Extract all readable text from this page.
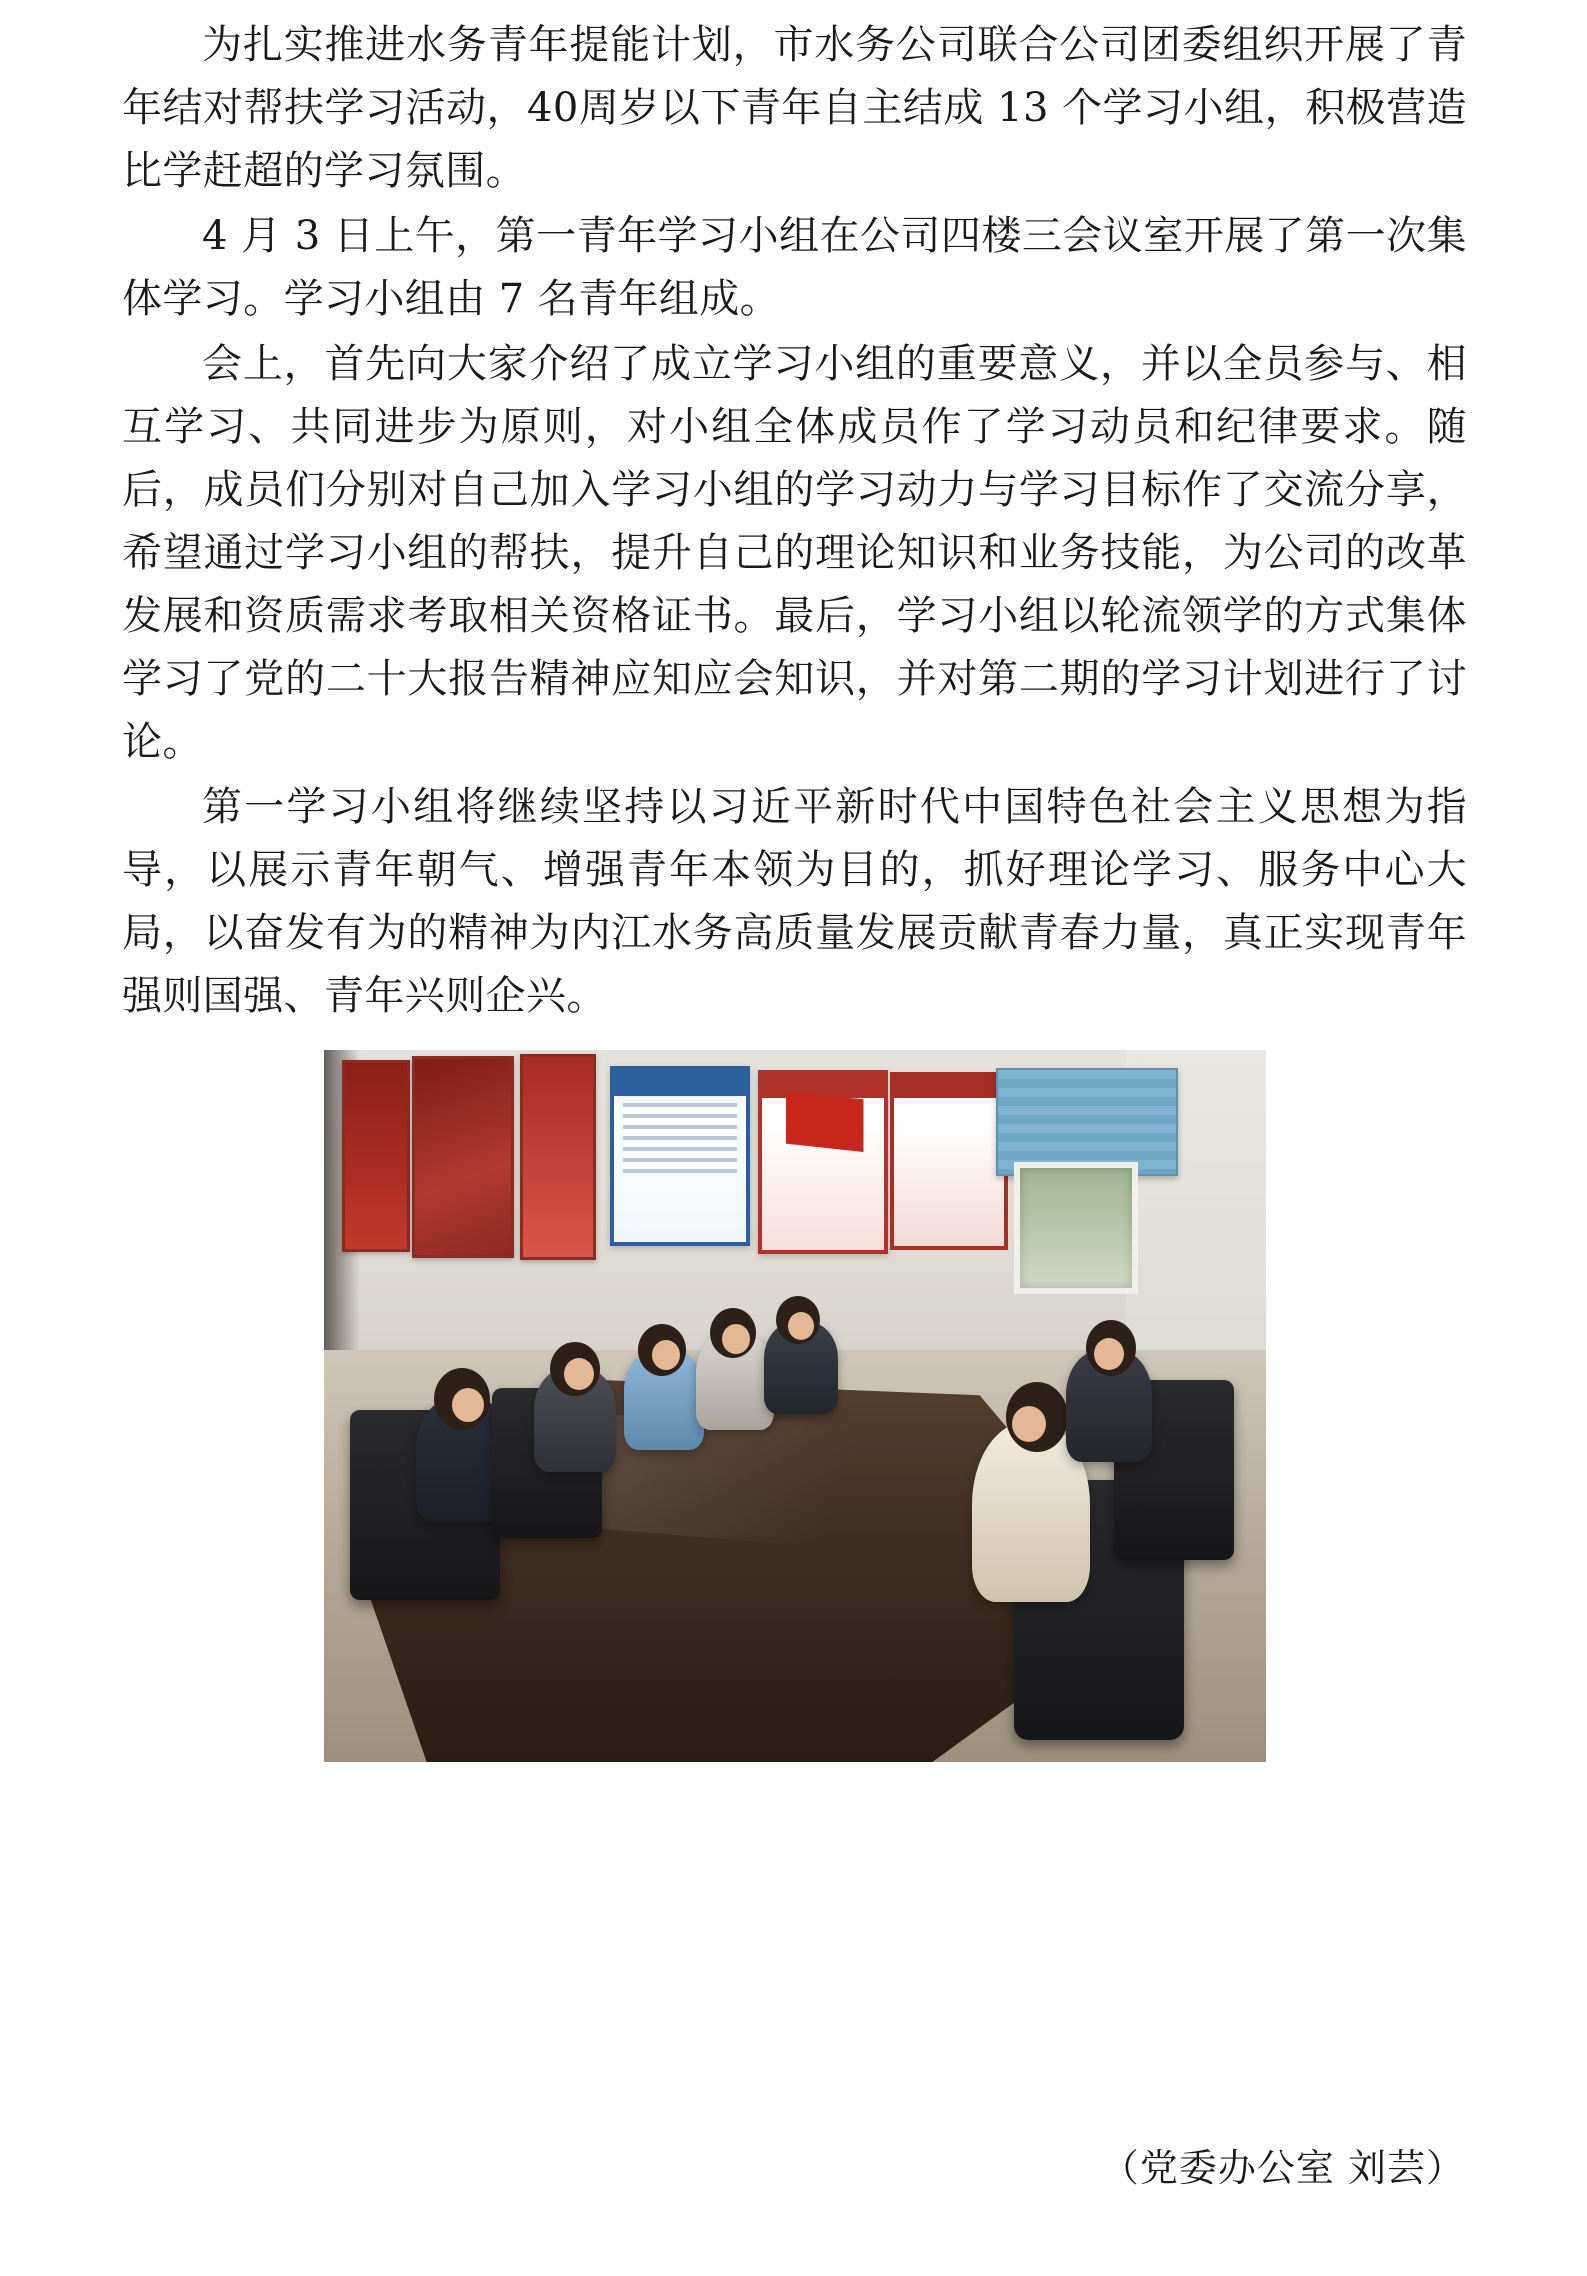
为扎实推进水务青年提能计划，市水务公司联合公司团委组织开展了青年结对帮扶学习活动，40周岁以下青年自主结成 13 个学习小组，积极营造比学赶超的学习氛围。

4 月 3 日上午，第一青年学习小组在公司四楼三会议室开展了第一次集体学习。学习小组由 7 名青年组成。

会上，首先向大家介绍了成立学习小组的重要意义，并以全员参与、相互学习、共同进步为原则，对小组全体成员作了学习动员和纪律要求。随后，成员们分别对自己加入学习小组的学习动力与学习目标作了交流分享，希望通过学习小组的帮扶，提升自己的理论知识和业务技能，为公司的改革发展和资质需求考取相关资格证书。最后，学习小组以轮流领学的方式集体学习了党的二十大报告精神应知应会知识，并对第二期的学习计划进行了讨论。

第一学习小组将继续坚持以习近平新时代中国特色社会主义思想为指导，以展示青年朝气、增强青年本领为目的，抓好理论学习、服务中心大局，以奋发有为的精神为内江水务高质量发展贡献青春力量，真正实现青年强则国强、青年兴则企兴。

（党委办公室 刘芸）
